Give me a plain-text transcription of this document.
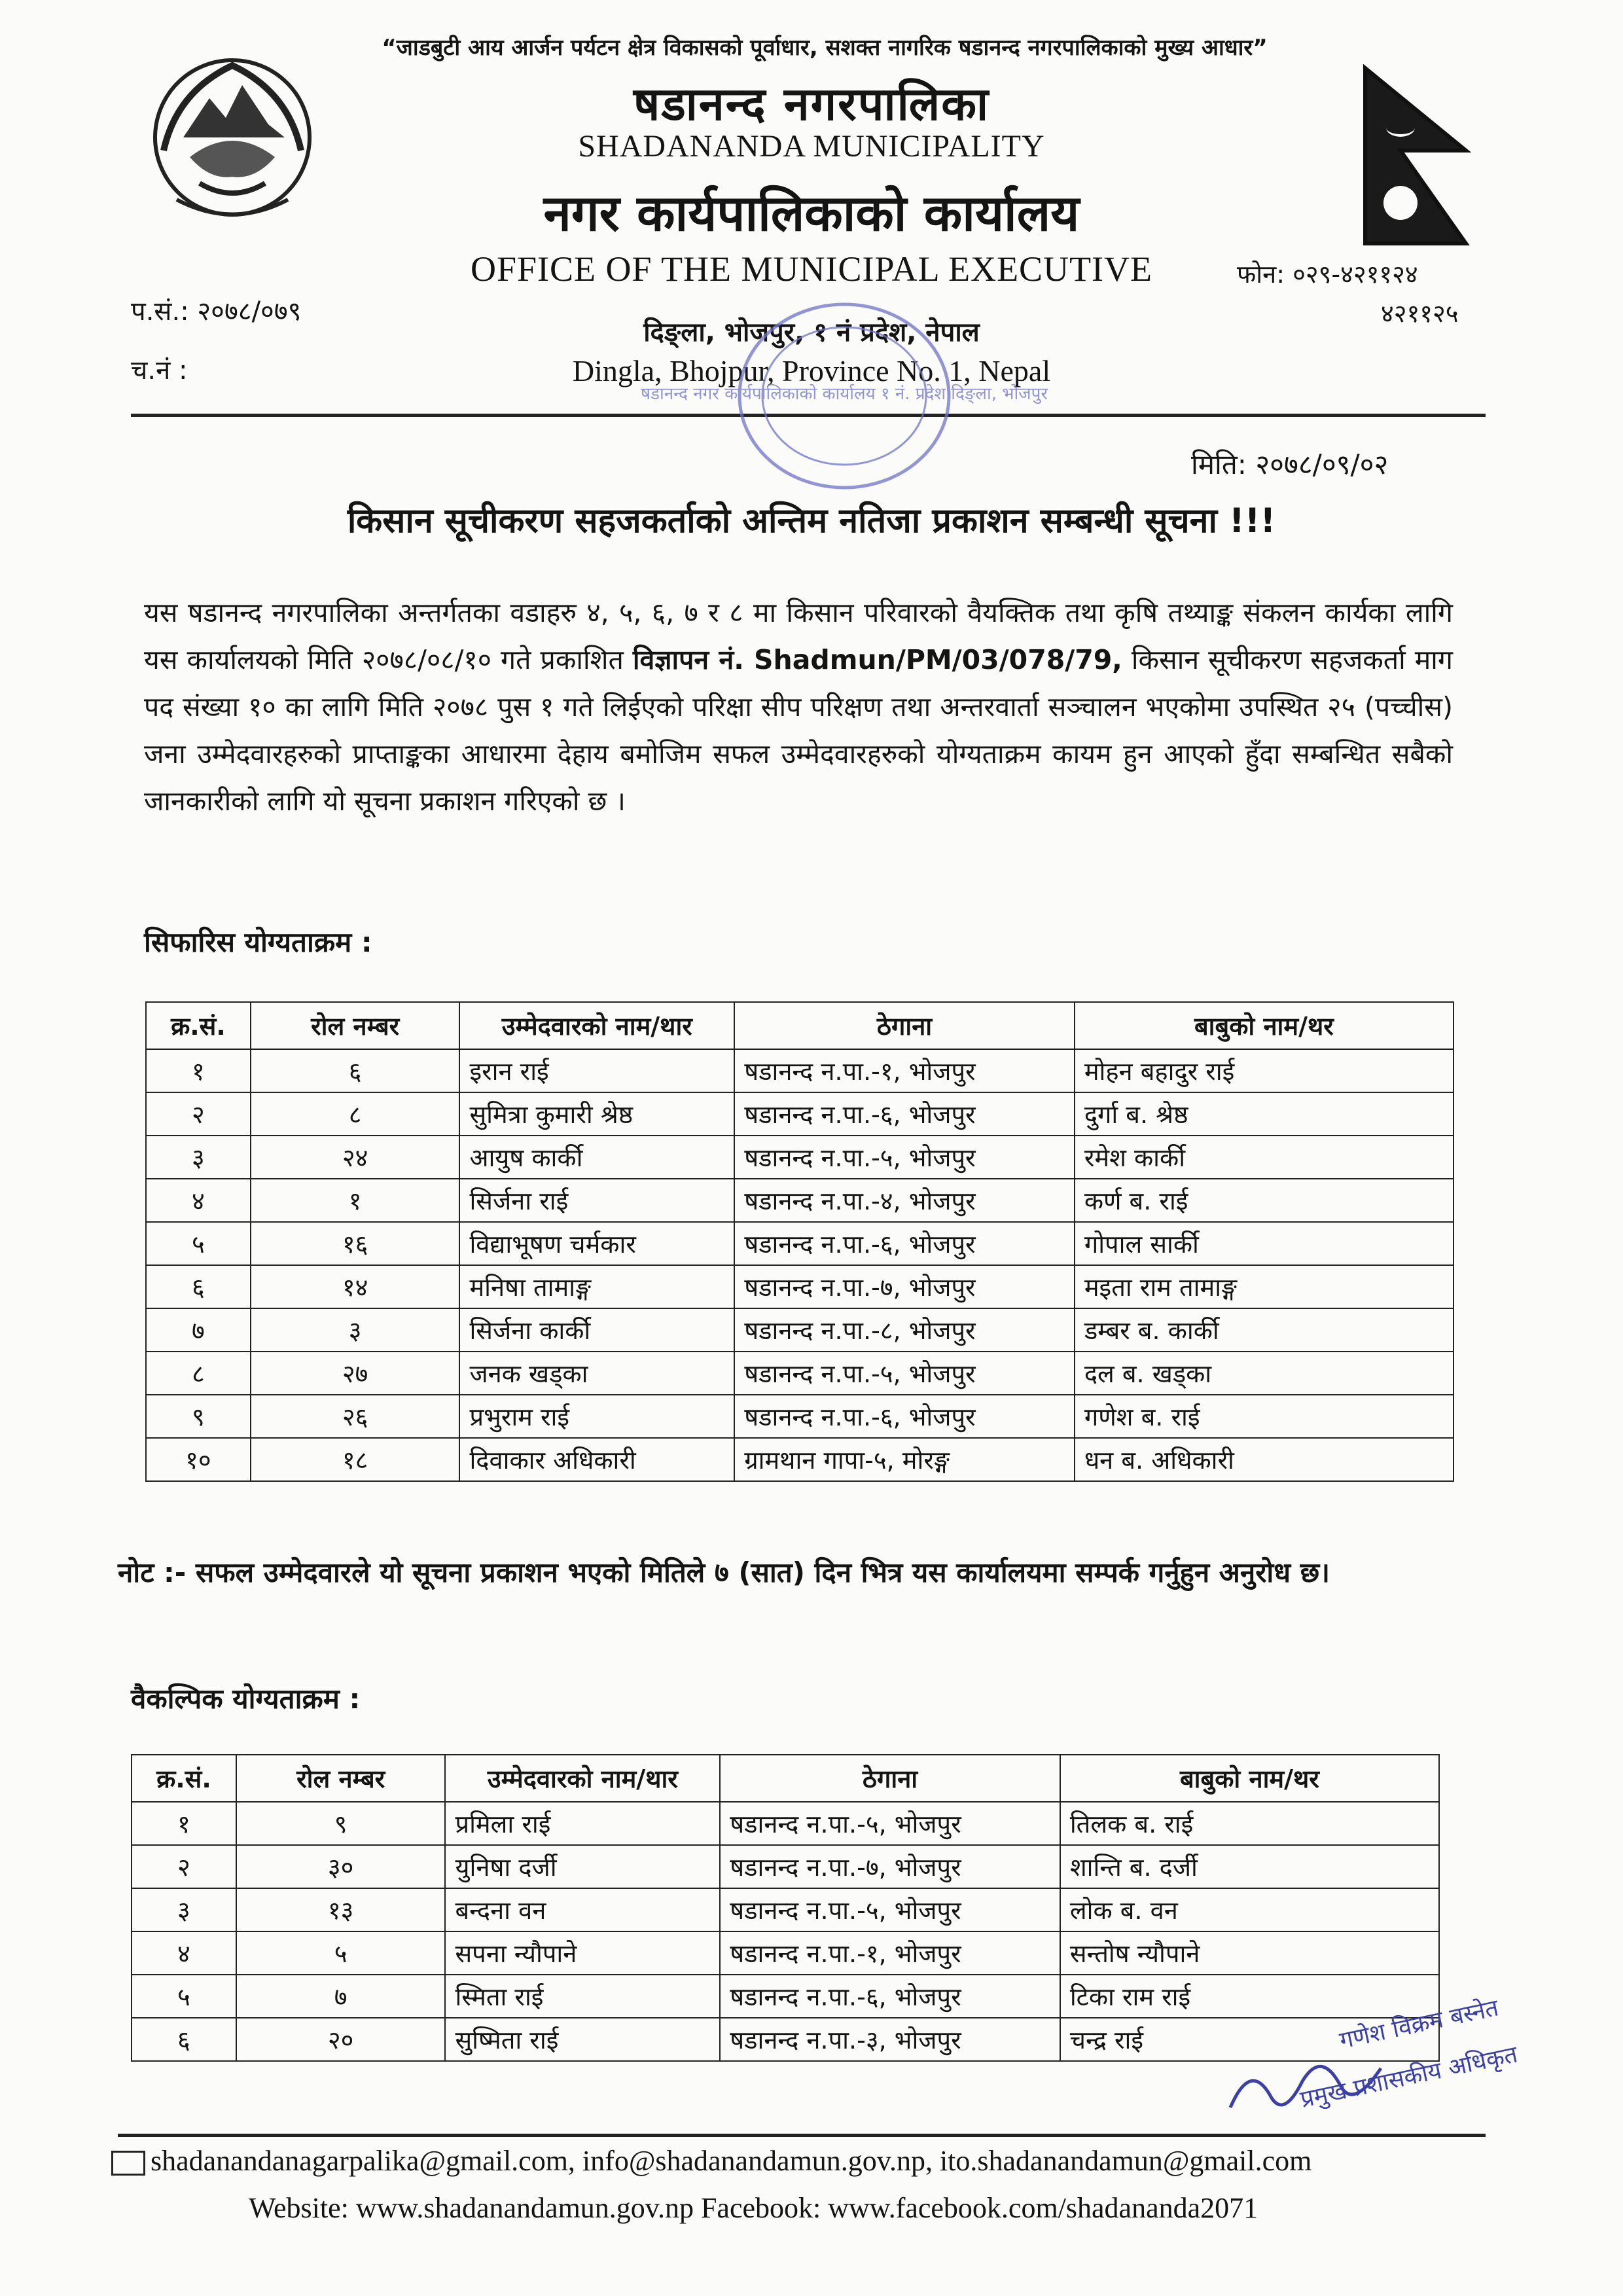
“जाडबुटी आय आर्जन पर्यटन क्षेत्र विकासको पूर्वाधार, सशक्त नागरिक षडानन्द नगरपालिकाको मुख्य आधार”
षडानन्द नगरपालिका
SHADANANDA MUNICIPALITY
नगर कार्यपालिकाको कार्यालय
OFFICE OF THE MUNICIPAL EXECUTIVE
दिङ्ला, भोजपुर, १ नं प्रदेश, नेपाल
Dingla, Bhojpur, Province No. 1, Nepal
प.सं.: २०७८/०७९
च.नं :
फोन: ०२९-४२११२४
४२११२५
षडानन्द नगर कार्यपालिकाको कार्यालय १ नं. प्रदेश दिङ्ला, भोजपुर
मिति: २०७८/०९/०२
किसान सूचीकरण सहजकर्ताको अन्तिम नतिजा प्रकाशन सम्बन्धी सूचना !!!
यस षडानन्द नगरपालिका अन्तर्गतका वडाहरु ४, ५, ६, ७ र ८ मा किसान परिवारको वैयक्तिक तथा कृषि तथ्याङ्क संकलन कार्यका लागि यस कार्यालयको मिति २०७८/०८/१० गते प्रकाशित विज्ञापन नं. Shadmun/PM/03/078/79, किसान सूचीकरण सहजकर्ता माग पद संख्या १० का लागि मिति २०७८ पुस १ गते लिईएको परिक्षा सीप परिक्षण तथा अन्तरवार्ता सञ्चालन भएकोमा उपस्थित २५ (पच्चीस) जना उम्मेदवारहरुको प्राप्ताङ्कका आधारमा देहाय बमोजिम सफल उम्मेदवारहरुको योग्यताक्रम कायम हुन आएको हुँदा सम्बन्धित सबैको जानकारीको लागि यो सूचना प्रकाशन गरिएको छ ।
सिफारिस योग्यताक्रम :
क्र.सं.	रोल नम्बर	उम्मेदवारको नाम/थार	ठेगाना	बाबुको नाम/थर
१	६	इरान राई	षडानन्द न.पा.-१, भोजपुर	मोहन बहादुर राई
२	८	सुमित्रा कुमारी श्रेष्ठ	षडानन्द न.पा.-६, भोजपुर	दुर्गा ब. श्रेष्ठ
३	२४	आयुष कार्की	षडानन्द न.पा.-५, भोजपुर	रमेश कार्की
४	१	सिर्जना राई	षडानन्द न.पा.-४, भोजपुर	कर्ण ब. राई
५	१६	विद्याभूषण चर्मकार	षडानन्द न.पा.-६, भोजपुर	गोपाल सार्की
६	१४	मनिषा तामाङ्ग	षडानन्द न.पा.-७, भोजपुर	मइता राम तामाङ्ग
७	३	सिर्जना कार्की	षडानन्द न.पा.-८, भोजपुर	डम्बर ब. कार्की
८	२७	जनक खड्का	षडानन्द न.पा.-५, भोजपुर	दल ब. खड्का
९	२६	प्रभुराम राई	षडानन्द न.पा.-६, भोजपुर	गणेश ब. राई
१०	१८	दिवाकार अधिकारी	ग्रामथान गापा-५, मोरङ्ग	धन ब. अधिकारी
नोट :- सफल उम्मेदवारले यो सूचना प्रकाशन भएको मितिले ७ (सात) दिन भित्र यस कार्यालयमा सम्पर्क गर्नुहुन अनुरोध छ।
वैकल्पिक योग्यताक्रम :
क्र.सं.	रोल नम्बर	उम्मेदवारको नाम/थार	ठेगाना	बाबुको नाम/थर
१	९	प्रमिला राई	षडानन्द न.पा.-५, भोजपुर	तिलक ब. राई
२	३०	युनिषा दर्जी	षडानन्द न.पा.-७, भोजपुर	शान्ति ब. दर्जी
३	१३	बन्दना वन	षडानन्द न.पा.-५, भोजपुर	लोक ब. वन
४	५	सपना न्यौपाने	षडानन्द न.पा.-१, भोजपुर	सन्तोष न्यौपाने
५	७	स्मिता राई	षडानन्द न.पा.-६, भोजपुर	टिका राम राई
६	२०	सुष्मिता राई	षडानन्द न.पा.-३, भोजपुर	चन्द्र राई	गणेश विक्रम बस्नेत
प्रमुख प्रशासकीय अधिकृत
shadanandanagarpalika@gmail.com, info@shadanandamun.gov.np, ito.shadanandamun@gmail.com
Website: www.shadanandamun.gov.np Facebook: www.facebook.com/shadananda2071
